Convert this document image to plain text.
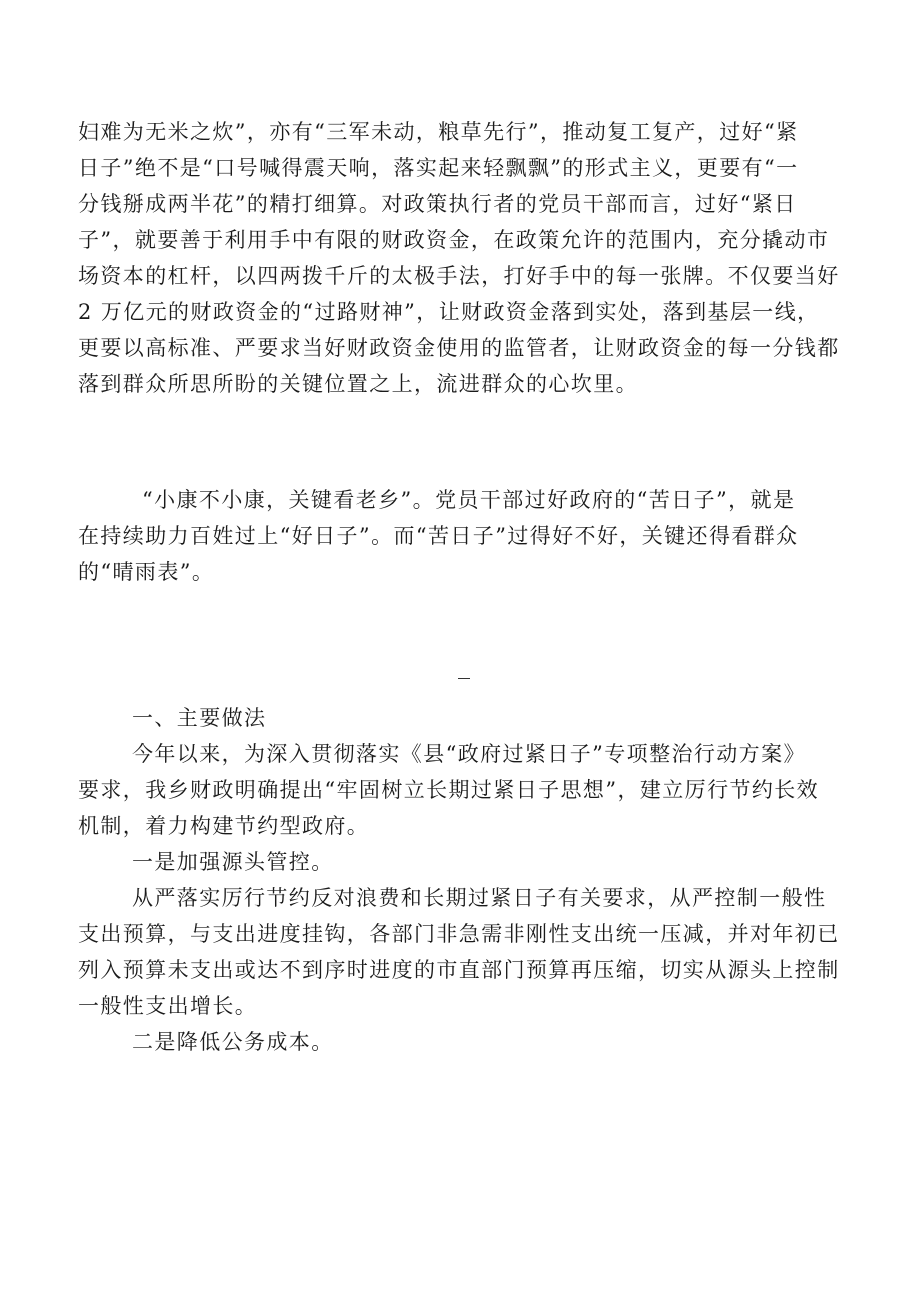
妇难为无米之炊”，亦有“三军未动，粮草先行”，推动复工复产，过好“紧
日子”绝不是“口号喊得震天响，落实起来轻飘飘”的形式主义，更要有“一
分钱掰成两半花”的精打细算。对政策执行者的党员干部而言，过好“紧日
子”，就要善于利用手中有限的财政资金，在政策允许的范围内，充分撬动市
场资本的杠杆，以四两拨千斤的太极手法，打好手中的每一张牌。不仅要当好
2 万亿元的财政资金的“过路财神”，让财政资金落到实处，落到基层一线，
更要以高标准、严要求当好财政资金使用的监管者，让财政资金的每一分钱都
落到群众所思所盼的关键位置之上，流进群众的心坎里。
“小康不小康，关键看老乡”。党员干部过好政府的“苦日子”，就是
在持续助力百姓过上“好日子”。而“苦日子”过得好不好，关键还得看群众
的“晴雨表”。
一、主要做法
今年以来，为深入贯彻落实《县“政府过紧日子”专项整治行动方案》
要求，我乡财政明确提出“牢固树立长期过紧日子思想”，建立厉行节约长效
机制，着力构建节约型政府。
一是加强源头管控。
从严落实厉行节约反对浪费和长期过紧日子有关要求，从严控制一般性
支出预算，与支出进度挂钩，各部门非急需非刚性支出统一压减，并对年初已
列入预算未支出或达不到序时进度的市直部门预算再压缩，切实从源头上控制
一般性支出增长。
二是降低公务成本。
